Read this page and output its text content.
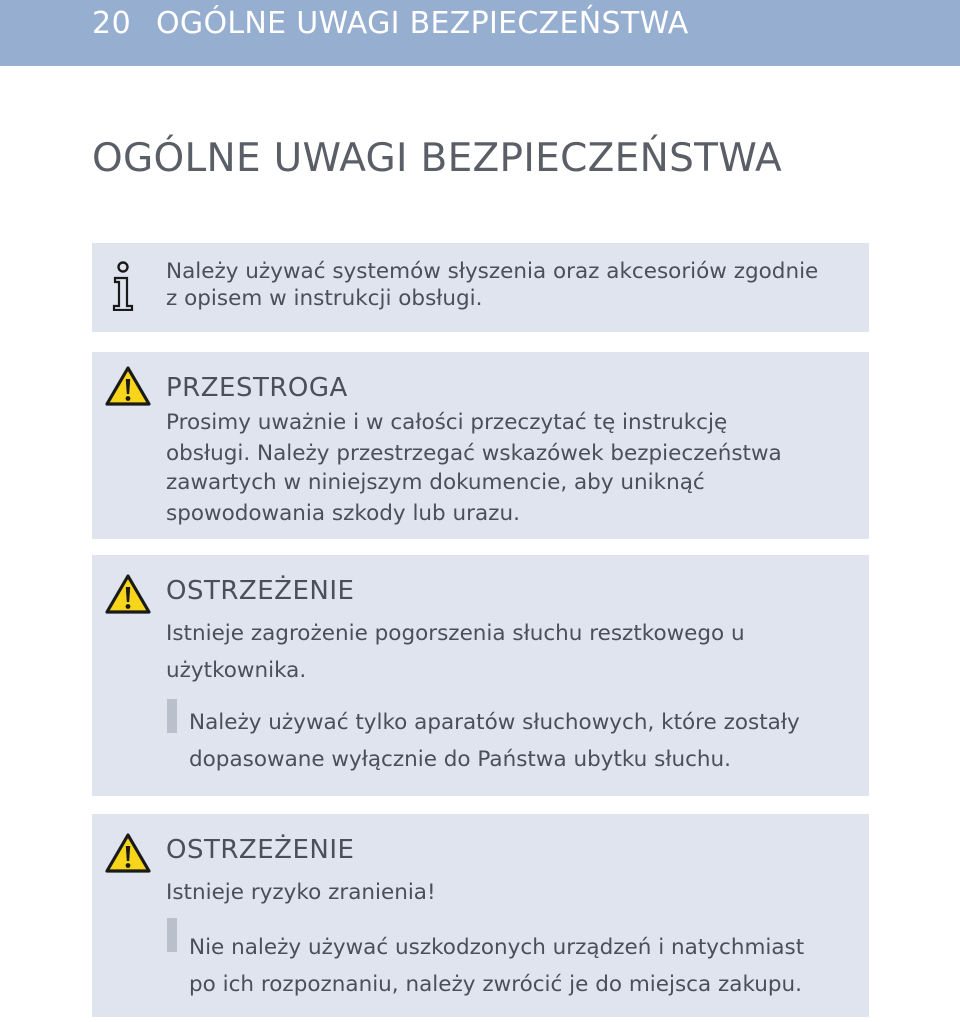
20 OGÓLNE UWAGI BEZPIECZEŃSTWA
OGÓLNE UWAGI BEZPIECZEŃSTWA
Należy używać systemów słyszenia oraz akcesoriów zgodnie
z opisem w instrukcji obsługi.
PRZESTROGA
Prosimy uważnie i w całości przeczytać tę instrukcję
obsługi. Należy przestrzegać wskazówek bezpieczeństwa
zawartych w niniejszym dokumencie, aby uniknąć
spowodowania szkody lub urazu.
OSTRZEŻENIE
Istnieje zagrożenie pogorszenia słuchu resztkowego u
użytkownika.
Należy używać tylko aparatów słuchowych, które zostały
dopasowane wyłącznie do Państwa ubytku słuchu.
OSTRZEŻENIE
Istnieje ryzyko zranienia!
Nie należy używać uszkodzonych urządzeń i natychmiast
po ich rozpoznaniu, należy zwrócić je do miejsca zakupu.
